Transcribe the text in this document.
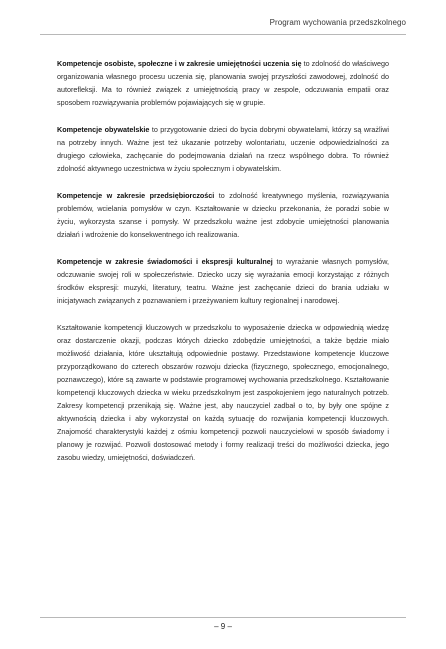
Program wychowania przedszkolnego

Kompetencje osobiste, społeczne i w zakresie umiejętności uczenia się to zdolność do właściwego organizowania własnego procesu uczenia się, planowania swojej przyszłości zawodowej, zdolność do autorefleksji. Ma to również związek z umiejętnością pracy w zespole, odczuwania empatii oraz sposobem rozwiązywania problemów pojawiających się w grupie.

Kompetencje obywatelskie to przygotowanie dzieci do bycia dobrymi obywatelami, którzy są wrażliwi na potrzeby innych. Ważne jest też ukazanie potrzeby wolontariatu, uczenie odpowiedzialności za drugiego człowieka, zachęcanie do podejmowania działań na rzecz wspólnego dobra. To również zdolność aktywnego uczestnictwa w życiu społecznym i obywatelskim.

Kompetencje w zakresie przedsiębiorczości to zdolność kreatywnego myślenia, rozwiązywania problemów, wcielania pomysłów w czyn. Kształtowanie w dziecku przekonania, że poradzi sobie w życiu, wykorzysta szanse i pomysły. W przedszkolu ważne jest zdobycie umiejętności planowania działań i wdrożenie do konsekwentnego ich realizowania.

Kompetencje w zakresie świadomości i ekspresji kulturalnej to wyrażanie własnych pomysłów, odczuwanie swojej roli w społeczeństwie. Dziecko uczy się wyrażania emocji korzystając z różnych środków ekspresji: muzyki, literatury, teatru. Ważne jest zachęcanie dzieci do brania udziału w inicjatywach związanych z poznawaniem i przeżywaniem kultury regionalnej i narodowej.

Kształtowanie kompetencji kluczowych w przedszkolu to wyposażenie dziecka w odpowiednią wiedzę oraz dostarczenie okazji, podczas których dziecko zdobędzie umiejętności, a także będzie miało możliwość działania, które ukształtują odpowiednie postawy. Przedstawione kompetencje kluczowe przyporządkowano do czterech obszarów rozwoju dziecka (fizycznego, społecznego, emocjonalnego, poznawczego), które są zawarte w podstawie programowej wychowania przedszkolnego. Kształtowanie kompetencji kluczowych dziecka w wieku przedszkolnym jest zaspokojeniem jego naturalnych potrzeb. Zakresy kompetencji przenikają się. Ważne jest, aby nauczyciel zadbał o to, by były one spójne z aktywnością dziecka i aby wykorzystał on każdą sytuację do rozwijania kompetencji kluczowych. Znajomość charakterystyki każdej z ośmiu kompetencji pozwoli nauczycielowi w sposób świadomy i planowy je rozwijać. Pozwoli dostosować metody i formy realizacji treści do możliwości dziecka, jego zasobu wiedzy, umiejętności, doświadczeń.

– 9 –
